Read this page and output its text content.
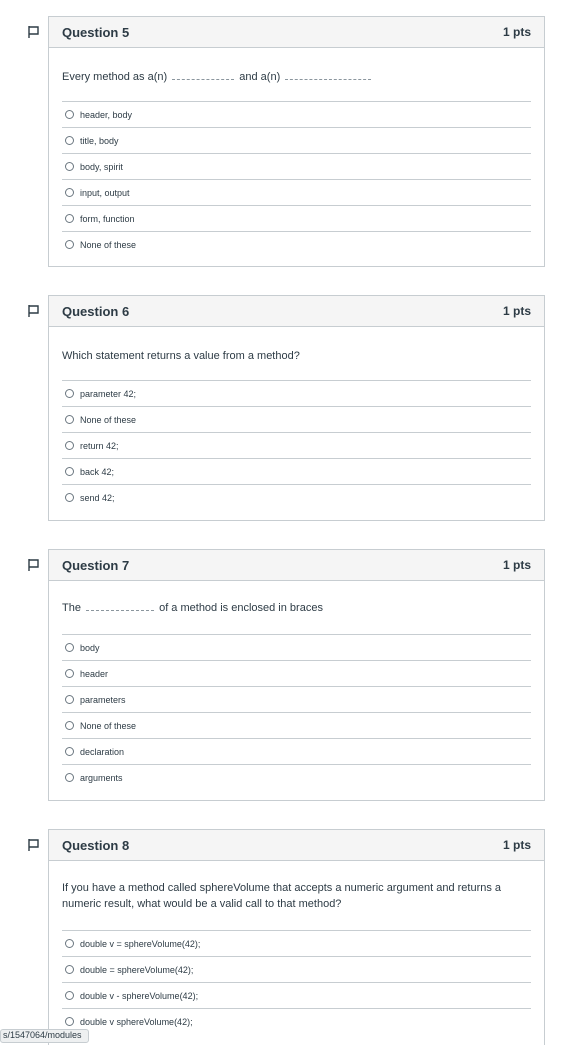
Question 5	1 pts
Every method as a(n)	and a(n)
header, body
title, body
body, spirit
input, output
form, function
None of these
Question 6	1 pts
Which statement returns a value from a method?
parameter 42;
None of these
return 42;
back 42;
send 42;
Question 7	1 pts
The	of a method is enclosed in braces
body
header
parameters
None of these
declaration
arguments
Question 8	1 pts
If you have a method called sphereVolume that accepts a numeric argument and returns a numeric result, what would be a valid call to that method?
double v = sphereVolume(42);
double = sphereVolume(42);
double v - sphereVolume(42);
double v sphereVolume(42);
s/1547064/modules
